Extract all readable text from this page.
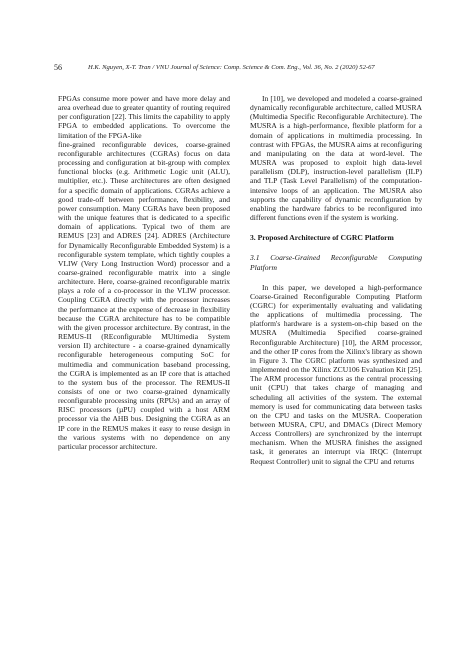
56	H.K. Nguyen, X-T. Tran / VNU Journal of Science: Comp. Science & Com. Eng., Vol. 36, No. 2 (2020) 52-67

FPGAs consume more power and have more delay and area overhead due to greater quantity of routing required per configuration [22]. This limits the capability to apply FPGA to embedded applications. To overcome the limitation of the FPGA-like

fine-grained reconfigurable devices, coarse-grained reconfigurable architectures (CGRAs) focus on data processing and configuration at bit-group with complex functional blocks (e.g. Arithmetic Logic unit (ALU), multiplier, etc.). These architectures are often designed for a specific domain of applications. CGRAs achieve a good trade-off between performance, flexibility, and power consumption. Many CGRAs have been proposed with the unique features that is dedicated to a specific domain of applications. Typical two of them are REMUS [23] and ADRES [24]. ADRES (Architecture for Dynamically Reconfigurable Embedded System) is a reconfigurable system template, which tightly couples a VLIW (Very Long Instruction Word) processor and a coarse-grained reconfigurable matrix into a single architecture. Here, coarse-grained reconfigurable matrix plays a role of a co-processor in the VLIW processor. Coupling CGRA directly with the processor increases the performance at the expense of decrease in flexibility because the CGRA architecture has to be compatible with the given processor architecture. By contrast, in the REMUS-II (REconfigurable MUltimedia System version II) architecture - a coarse-grained dynamically reconfigurable heterogeneous computing SoC for multimedia and communication baseband processing, the CGRA is implemented as an IP core that is attached to the system bus of the processor. The REMUS-II consists of one or two coarse-grained dynamically reconfigurable processing units (RPUs) and an array of RISC processors (µPU) coupled with a host ARM processor via the AHB bus. Designing the CGRA as an IP core in the REMUS makes it easy to reuse design in the various systems with no dependence on any particular processor architecture.

In [10], we developed and modeled a coarse-grained dynamically reconfigurable architecture, called MUSRA (Multimedia Specific Reconfigurable Architecture). The MUSRA is a high-performance, flexible platform for a domain of applications in multimedia processing. In contrast with FPGAs, the MUSRA aims at reconfiguring and manipulating on the data at word-level. The MUSRA was proposed to exploit high data-level parallelism (DLP), instruction-level parallelism (ILP) and TLP (Task Level Parallelism) of the computation-intensive loops of an application. The MUSRA also supports the capability of dynamic reconfiguration by enabling the hardware fabrics to be reconfigured into different functions even if the system is working.

3. Proposed Architecture of CGRC Platform

3.1 Coarse-Grained Reconfigurable Computing Platform

In this paper, we developed a high-performance Coarse-Grained Reconfigurable Computing Platform (CGRC) for experimentally evaluating and validating the applications of multimedia processing. The platform's hardware is a system-on-chip based on the MUSRA (Multimedia Specified coarse-grained Reconfigurable Architecture) [10], the ARM processor, and the other IP cores from the Xilinx's library as shown in Figure 3. The CGRC platform was synthesized and implemented on the Xilinx ZCU106 Evaluation Kit [25]. The ARM processor functions as the central processing unit (CPU) that takes charge of managing and scheduling all activities of the system. The external memory is used for communicating data between tasks on the CPU and tasks on the MUSRA. Cooperation between MUSRA, CPU, and DMACs (Direct Memory Access Controllers) are synchronized by the interrupt mechanism. When the MUSRA finishes the assigned task, it generates an interrupt via IRQC (Interrupt Request Controller) unit to signal the CPU and returns
